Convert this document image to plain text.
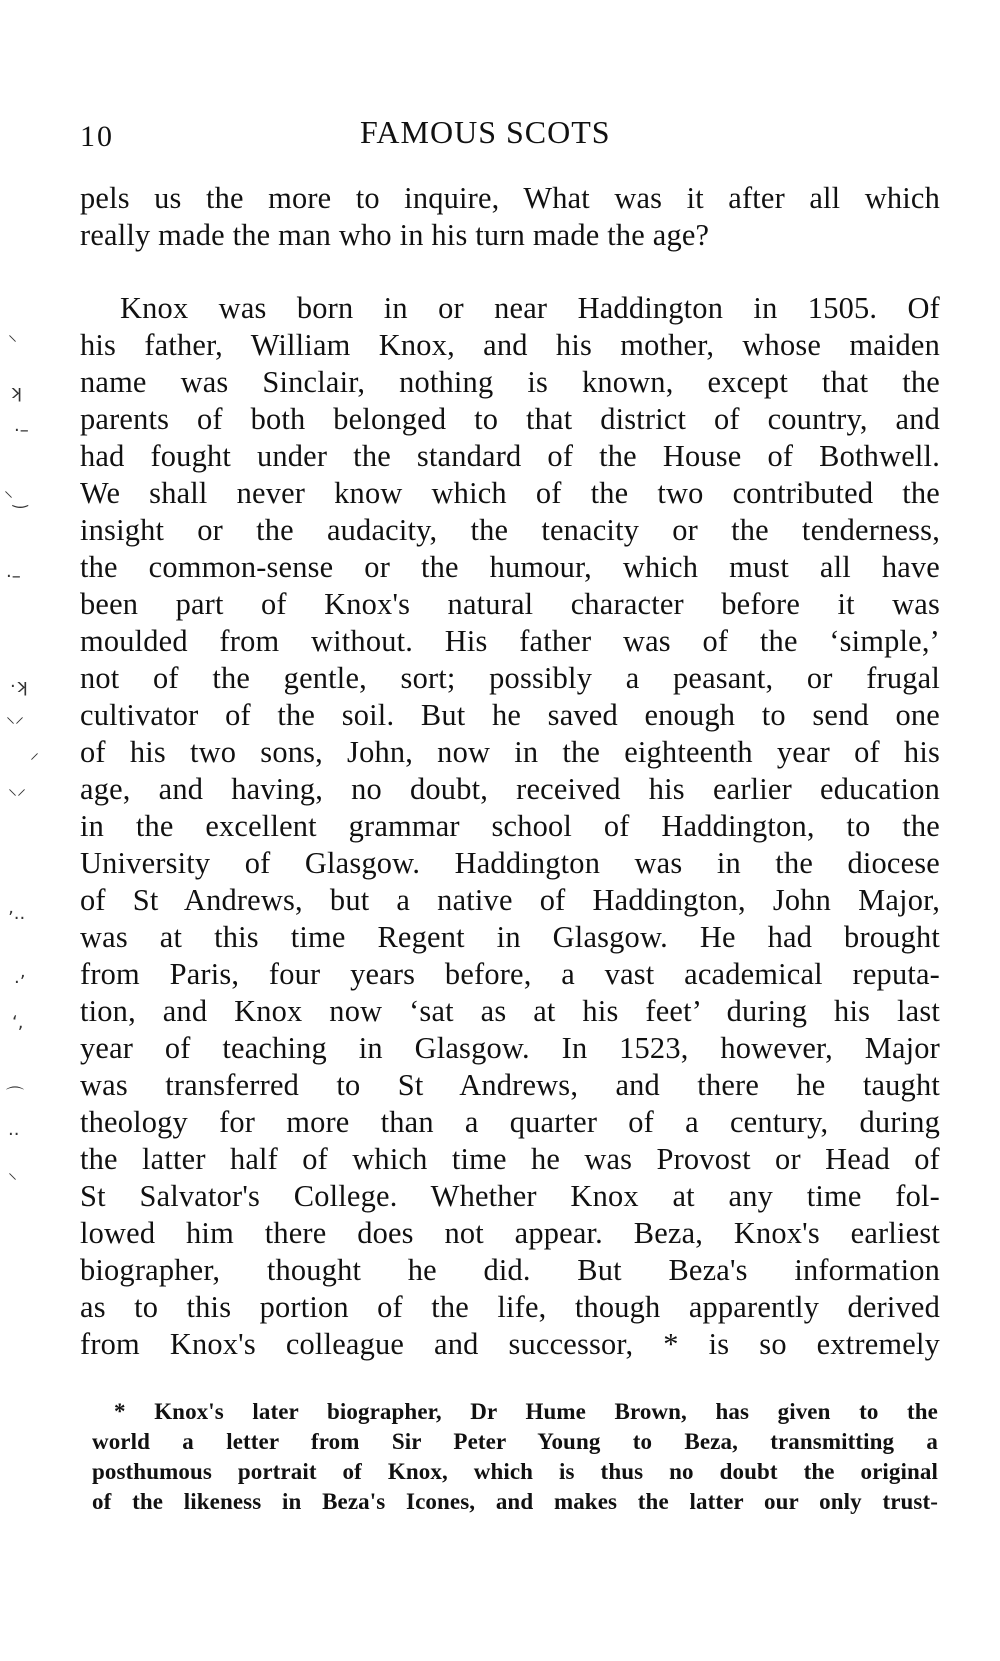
10	FAMOUS SCOTS
⸌
ʞ
·–
⸌‿
·–
·ʞ
⸌⸍
⸍
⸌⸍
ʼ··
·ʼ
ʻ,
⌒
··
⸌
pels us the more to inquire, What was it after all which
really made the man who in his turn made the age?
Knox was born in or near Haddington in 1505. Of
his father, William Knox, and his mother, whose maiden
name was Sinclair, nothing is known, except that the
parents of both belonged to that district of country, and
had fought under the standard of the House of Bothwell.
We shall never know which of the two contributed the
insight or the audacity, the tenacity or the tenderness,
the common-sense or the humour, which must all have
been part of Knox's natural character before it was
moulded from without. His father was of the ‘simple,’
not of the gentle, sort; possibly a peasant, or frugal
cultivator of the soil. But he saved enough to send one
of his two sons, John, now in the eighteenth year of his
age, and having, no doubt, received his earlier education
in the excellent grammar school of Haddington, to the
University of Glasgow. Haddington was in the diocese
of St Andrews, but a native of Haddington, John Major,
was at this time Regent in Glasgow. He had brought
from Paris, four years before, a vast academical reputa-
tion, and Knox now ‘sat as at his feet’ during his last
year of teaching in Glasgow. In 1523, however, Major
was transferred to St Andrews, and there he taught
theology for more than a quarter of a century, during
the latter half of which time he was Provost or Head of
St Salvator's College. Whether Knox at any time fol-
lowed him there does not appear. Beza, Knox's earliest
biographer, thought he did. But Beza's information
as to this portion of the life, though apparently derived
from Knox's colleague and successor, * is so extremely
* Knox's later biographer, Dr Hume Brown, has given to the
world a letter from Sir Peter Young to Beza, transmitting a
posthumous portrait of Knox, which is thus no doubt the original
of the likeness in Beza's Icones, and makes the latter our only trust-
